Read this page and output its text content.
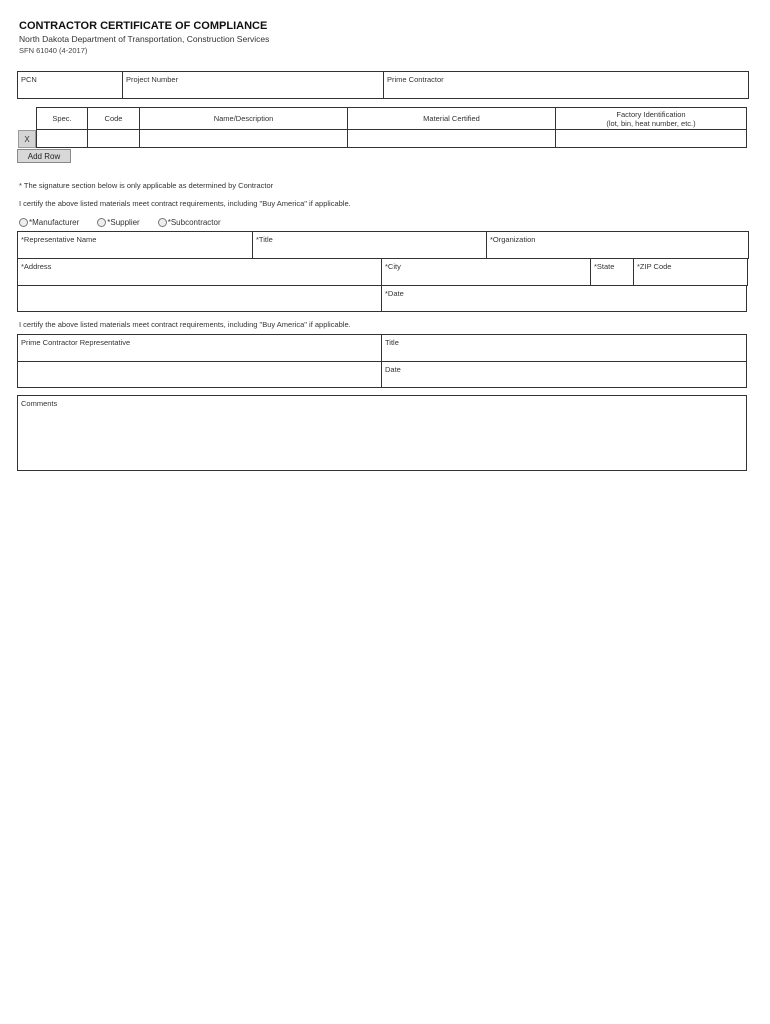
CONTRACTOR CERTIFICATE OF COMPLIANCE
North Dakota Department of Transportation, Construction Services
SFN 61040 (4-2017)
PCN	Project Number	Prime Contractor
Spec.	Code	Name/Description	Material Certified	Factory Identification
(lot, bin, heat number, etc.)
X
Add Row
* The signature section below is only applicable as determined by Contractor
I certify the above listed materials meet contract requirements, including "Buy America" if applicable.
*Manufacturer	*Supplier	*Subcontractor
*Representative Name	*Title	*Organization
*Address	*City	*State	*ZIP Code
*Date
I certify the above listed materials meet contract requirements, including "Buy America" if applicable.
Prime Contractor Representative	Title
Date
Comments
